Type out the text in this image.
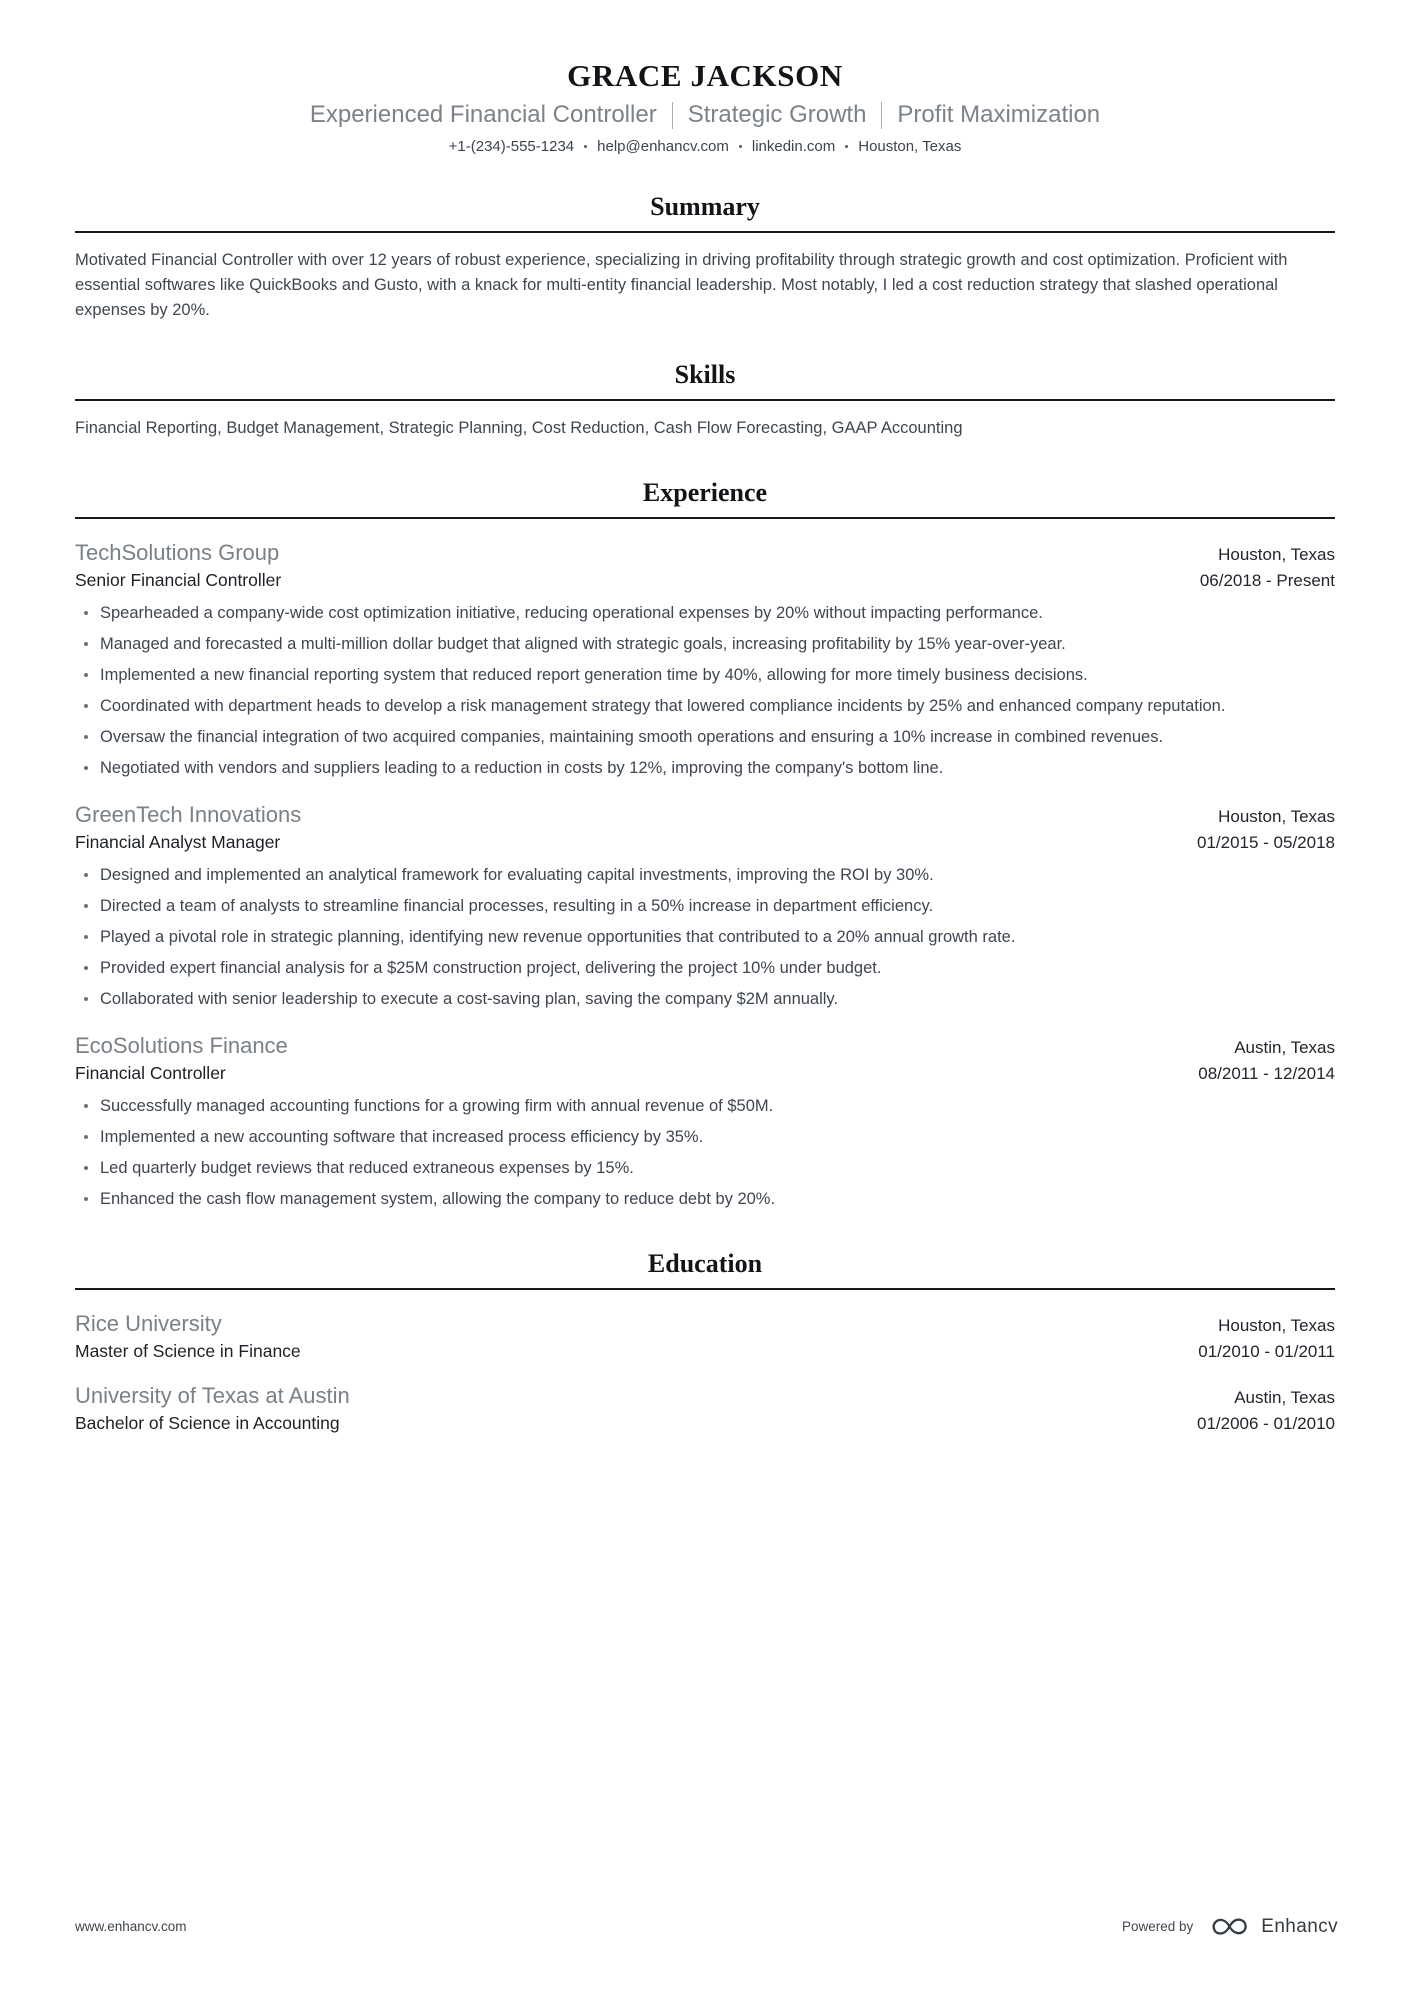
GRACE JACKSON
Experienced Financial Controller Strategic Growth Profit Maximization
+1-(234)-555-1234 help@enhancv.com linkedin.com Houston, Texas
Summary
Motivated Financial Controller with over 12 years of robust experience, specializing in driving profitability through strategic growth and cost optimization. Proficient with essential softwares like QuickBooks and Gusto, with a knack for multi-entity financial leadership. Most notably, I led a cost reduction strategy that slashed operational expenses by 20%.
Skills
Financial Reporting, Budget Management, Strategic Planning, Cost Reduction, Cash Flow Forecasting, GAAP Accounting
Experience
TechSolutions Group	Houston, Texas
Senior Financial Controller	06/2018 - Present
Spearheaded a company-wide cost optimization initiative, reducing operational expenses by 20% without impacting performance.
Managed and forecasted a multi-million dollar budget that aligned with strategic goals, increasing profitability by 15% year-over-year.
Implemented a new financial reporting system that reduced report generation time by 40%, allowing for more timely business decisions.
Coordinated with department heads to develop a risk management strategy that lowered compliance incidents by 25% and enhanced company reputation.
Oversaw the financial integration of two acquired companies, maintaining smooth operations and ensuring a 10% increase in combined revenues.
Negotiated with vendors and suppliers leading to a reduction in costs by 12%, improving the company's bottom line.
GreenTech Innovations	Houston, Texas
Financial Analyst Manager	01/2015 - 05/2018
Designed and implemented an analytical framework for evaluating capital investments, improving the ROI by 30%.
Directed a team of analysts to streamline financial processes, resulting in a 50% increase in department efficiency.
Played a pivotal role in strategic planning, identifying new revenue opportunities that contributed to a 20% annual growth rate.
Provided expert financial analysis for a $25M construction project, delivering the project 10% under budget.
Collaborated with senior leadership to execute a cost-saving plan, saving the company $2M annually.
EcoSolutions Finance	Austin, Texas
Financial Controller	08/2011 - 12/2014
Successfully managed accounting functions for a growing firm with annual revenue of $50M.
Implemented a new accounting software that increased process efficiency by 35%.
Led quarterly budget reviews that reduced extraneous expenses by 15%.
Enhanced the cash flow management system, allowing the company to reduce debt by 20%.
Education
Rice University	Houston, Texas
Master of Science in Finance	01/2010 - 01/2011
University of Texas at Austin	Austin, Texas
Bachelor of Science in Accounting	01/2006 - 01/2010
www.enhancv.com	Powered by	Enhancv
